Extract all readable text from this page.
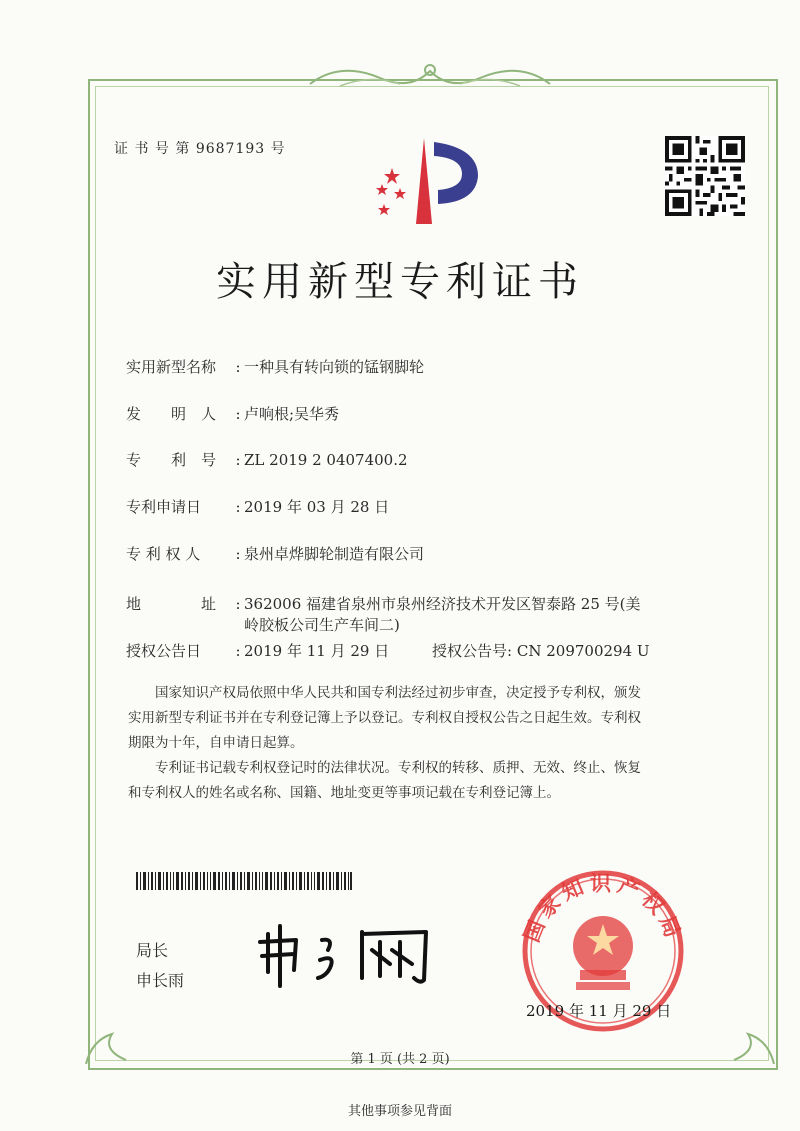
证 书 号 第 9687193 号
实用新型专利证书
实用新型名称 : 一种具有转向锁的锰钢脚轮
发　　明　人 : 卢响根;吴华秀
专　　利　号 : ZL 2019 2 0407400.2
专利申请日 : 2019 年 03 月 28 日
专 利 权 人 : 泉州卓烨脚轮制造有限公司
地　　　　址 : 362006 福建省泉州市泉州经济技术开发区智泰路 25 号(美
岭胶板公司生产车间二)
授权公告日 : 2019 年 11 月 29 日	授权公告号: CN 209700294 U
国家知识产权局依照中华人民共和国专利法经过初步审查，决定授予专利权，颁发实用新型专利证书并在专利登记簿上予以登记。专利权自授权公告之日起生效。专利权期限为十年，自申请日起算。
专利证书记载专利权登记时的法律状况。专利权的转移、质押、无效、终止、恢复和专利权人的姓名或名称、国籍、地址变更等事项记载在专利登记簿上。
局长
申长雨
国家知识产权局
2019 年 11 月 29 日
第 1 页 (共 2 页)
其他事项参见背面
